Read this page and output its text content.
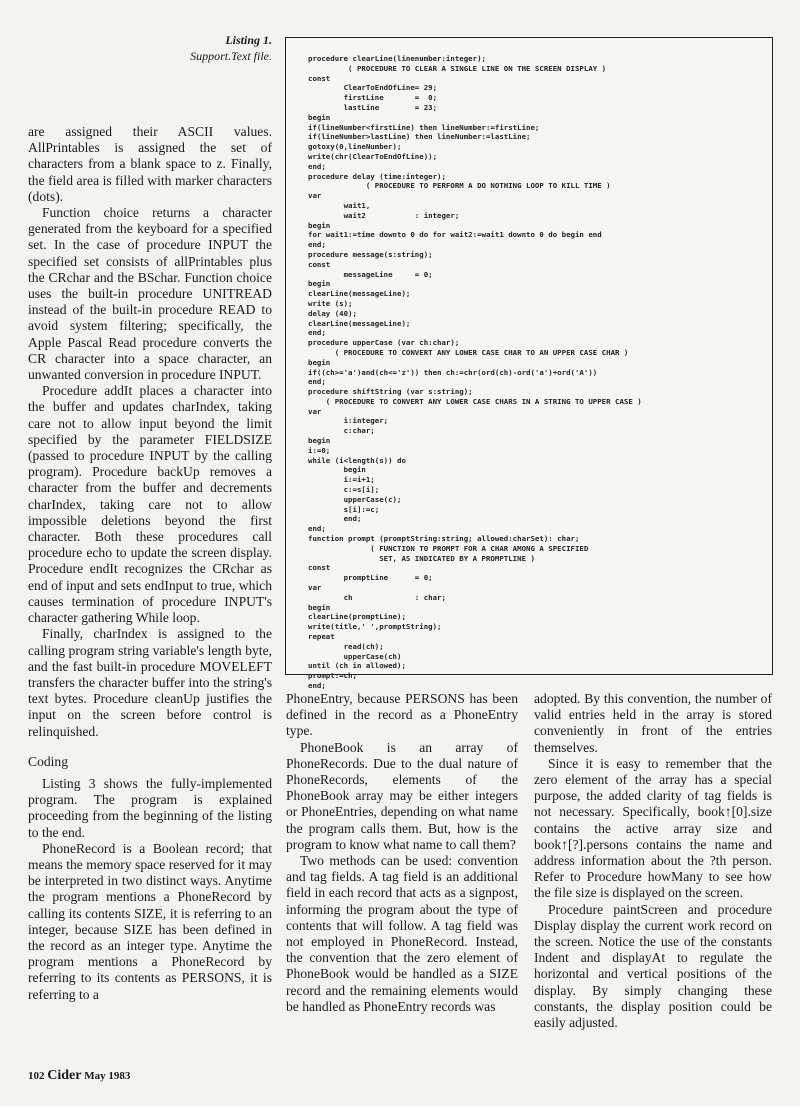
Listing 1.
Support.Text file.	procedure clearLine(linenumber:integer);
( PROCEDURE TO CLEAR A SINGLE LINE ON THE SCREEN DISPLAY )
const
ClearToEndOfLine= 29;
firstLine       =  0;
lastLine        = 23;
begin
if(lineNumber<firstLine) then lineNumber:=firstLine;
if(lineNumber>lastLine) then lineNumber:=lastLine;
gotoxy(0,lineNumber);
write(chr(ClearToEndOfLine));
end;
procedure delay (time:integer);
( PROCEDURE TO PERFORM A DO NOTHING LOOP TO KILL TIME )
var
wait1,
wait2           : integer;
begin
for wait1:=time downto 0 do for wait2:=wait1 downto 0 do begin end
end;
procedure message(s:string);
const
messageLine     = 0;
begin
clearLine(messageLine);
write (s);
delay (40);
clearLine(messageLine);
end;
procedure upperCase (var ch:char);
( PROCEDURE TO CONVERT ANY LOWER CASE CHAR TO AN UPPER CASE CHAR )
begin
if((ch>='a')and(ch<='z')) then ch:=chr(ord(ch)-ord('a')+ord('A'))
end;
procedure shiftString (var s:string);
( PROCEDURE TO CONVERT ANY LOWER CASE CHARS IN A STRING TO UPPER CASE )
var
i:integer;
c:char;
begin
i:=0;
while (i<length(s)) do
begin
i:=i+1;
c:=s[i];
upperCase(c);
s[i]:=c;
end;
end;
function prompt (promptString:string; allowed:charSet): char;
( FUNCTION TO PROMPT FOR A CHAR AMONG A SPECIFIED
SET, AS INDICATED BY A PROMPTLINE )
const
promptLine      = 0;
var
ch              : char;
begin
clearLine(promptLine);
write(title,' ',promptString);
repeat
read(ch);
upperCase(ch)
until (ch in allowed);
prompt:=ch;
end;

are assigned their ASCII values. AllPrintables is assigned the set of characters from a blank space to z. Finally, the field area is filled with marker characters (dots).

Function choice returns a character generated from the keyboard for a specified set. In the case of procedure INPUT the specified set consists of allPrintables plus the CRchar and the BSchar. Function choice uses the built-in procedure UNITREAD instead of the built-in procedure READ to avoid system filtering; specifically, the Apple Pascal Read procedure converts the CR character into a space character, an unwanted conversion in procedure INPUT.

Procedure addIt places a character into the buffer and updates charIndex, taking care not to allow input beyond the limit specified by the parameter FIELDSIZE (passed to procedure INPUT by the calling program). Procedure backUp removes a character from the buffer and decrements charIndex, taking care not to allow impossible deletions beyond the first character. Both these procedures call procedure echo to update the screen display. Procedure endIt recognizes the CRchar as end of input and sets endInput to true, which causes termination of procedure INPUT's character gathering While loop.

Finally, charIndex is assigned to the calling program string variable's length byte, and the fast built-in procedure MOVELEFT transfers the character buffer into the string's text bytes. Procedure cleanUp justifies the input on the screen before control is relinquished.

Coding

Listing 3 shows the fully-implemented program. The program is explained proceeding from the beginning of the listing to the end.

PhoneRecord is a Boolean record; that means the memory space reserved for it may be interpreted in two distinct ways. Anytime the program mentions a PhoneRecord by calling its contents SIZE, it is referring to an integer, because SIZE has been defined in the record as an integer type. Anytime the program mentions a PhoneRecord by referring to its contents as PERSONS, it is referring to a

PhoneEntry, because PERSONS has been defined in the record as a PhoneEntry type.

PhoneBook is an array of PhoneRecords. Due to the dual nature of PhoneRecords, elements of the PhoneBook array may be either integers or PhoneEntries, depending on what name the program calls them. But, how is the program to know what name to call them?

Two methods can be used: convention and tag fields. A tag field is an additional field in each record that acts as a signpost, informing the program about the type of contents that will follow. A tag field was not employed in PhoneRecord. Instead, the convention that the zero element of PhoneBook would be handled as a SIZE record and the remaining elements would be handled as PhoneEntry records was

adopted. By this convention, the number of valid entries held in the array is stored conveniently in front of the entries themselves.

Since it is easy to remember that the zero element of the array has a special purpose, the added clarity of tag fields is not necessary. Specifically, book↑[0].size contains the active array size and book↑[?].persons contains the name and address information about the ?th person. Refer to Procedure howMany to see how the file size is displayed on the screen.

Procedure paintScreen and procedure Display display the current work record on the screen. Notice the use of the constants Indent and displayAt to regulate the horizontal and vertical positions of the display. By simply changing these constants, the display position could be easily adjusted.

102 Cider May 1983
